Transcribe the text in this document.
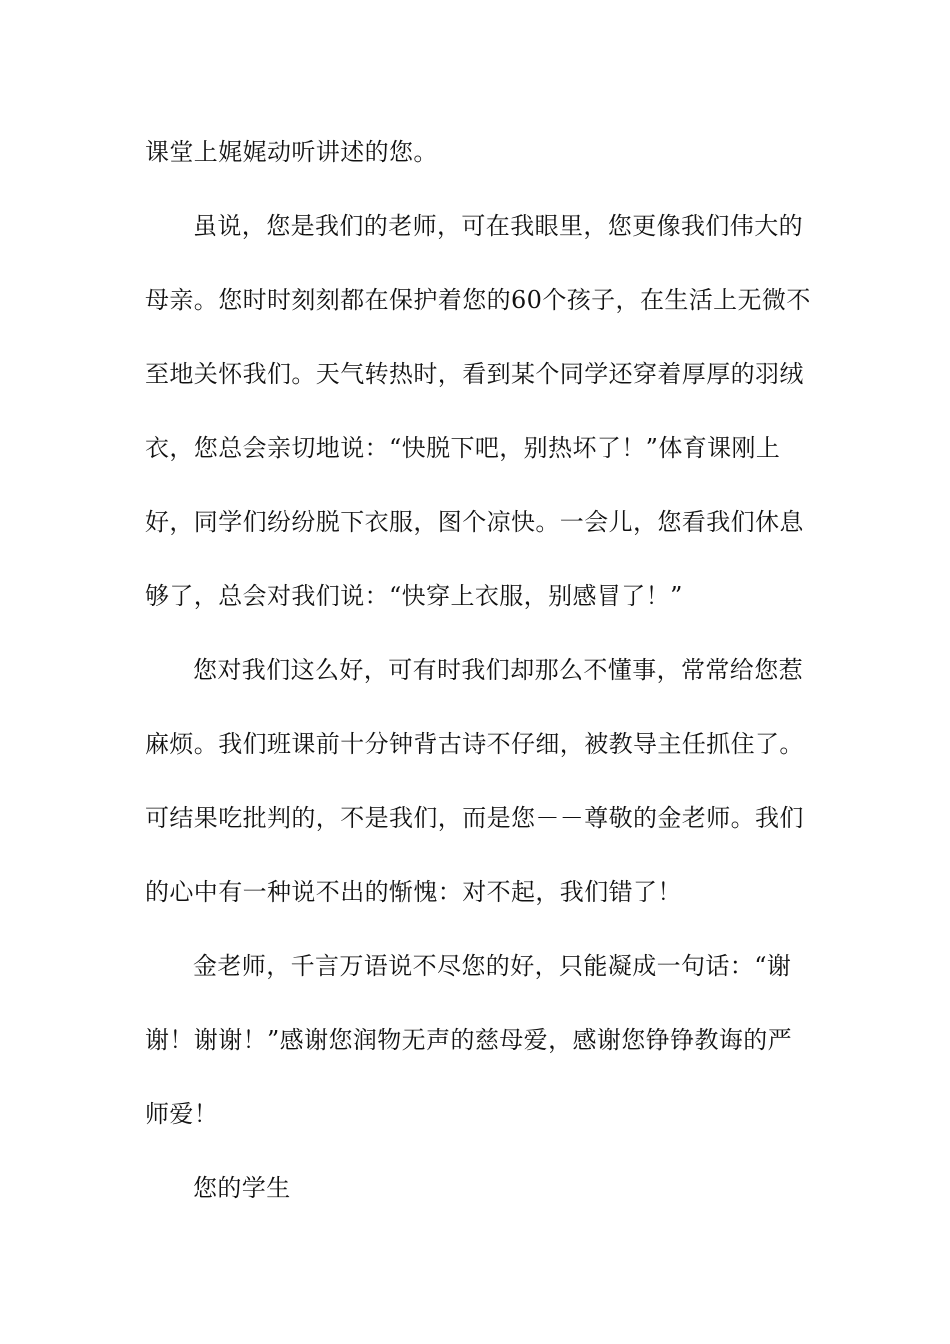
课堂上娓娓动听讲述的您。

虽说，您是我们的老师，可在我眼里，您更像我们伟大的

母亲。您时时刻刻都在保护着您的60个孩子，在生活上无微不

至地关怀我们。天气转热时，看到某个同学还穿着厚厚的羽绒

衣，您总会亲切地说：“快脱下吧，别热坏了！”体育课刚上

好，同学们纷纷脱下衣服，图个凉快。一会儿，您看我们休息

够了，总会对我们说：“快穿上衣服，别感冒了！”

您对我们这么好，可有时我们却那么不懂事，常常给您惹

麻烦。我们班课前十分钟背古诗不仔细，被教导主任抓住了。

可结果吃批判的，不是我们，而是您－－尊敬的金老师。我们

的心中有一种说不出的惭愧：对不起，我们错了！

金老师，千言万语说不尽您的好，只能凝成一句话：“谢

谢！谢谢！”感谢您润物无声的慈母爱，感谢您铮铮教诲的严

师爱！

您的学生
